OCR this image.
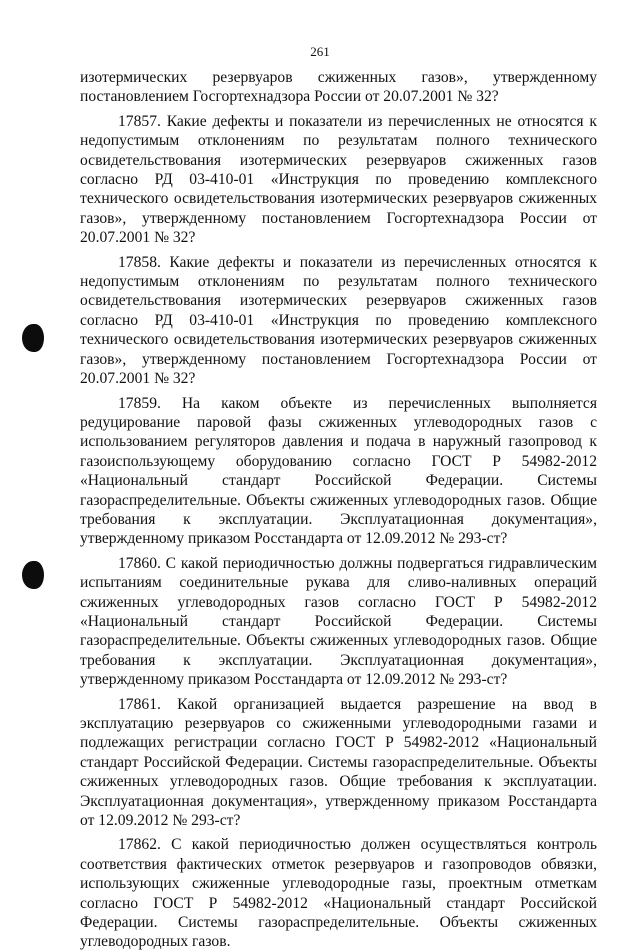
261

изотермических резервуаров сжиженных газов», утвержденному постановлением Госгортехнадзора России от 20.07.2001 № 32?

17857. Какие дефекты и показатели из перечисленных не относятся к недопустимым отклонениям по результатам полного технического освидетельствования изотермических резервуаров сжиженных газов согласно РД 03-410-01 «Инструкция по проведению комплексного технического освидетельствования изотермических резервуаров сжиженных газов», утвержденному постановлением Госгортехнадзора России от 20.07.2001 № 32?

17858. Какие дефекты и показатели из перечисленных относятся к недопустимым отклонениям по результатам полного технического освидетельствования изотермических резервуаров сжиженных газов согласно РД 03-410-01 «Инструкция по проведению комплексного технического освидетельствования изотермических резервуаров сжиженных газов», утвержденному постановлением Госгортехнадзора России от 20.07.2001 № 32?

17859. На каком объекте из перечисленных выполняется редуцирование паровой фазы сжиженных углеводородных газов с использованием регуляторов давления и подача в наружный газопровод к газоиспользующему оборудованию согласно ГОСТ Р 54982-2012 «Национальный стандарт Российской Федерации. Системы газораспределительные. Объекты сжиженных углеводородных газов. Общие требования к эксплуатации. Эксплуатационная документация», утвержденному приказом Росстандарта от 12.09.2012 № 293-ст?

17860. С какой периодичностью должны подвергаться гидравлическим испытаниям соединительные рукава для сливо-наливных операций сжиженных углеводородных газов согласно ГОСТ Р 54982-2012 «Национальный стандарт Российской Федерации. Системы газораспределительные. Объекты сжиженных углеводородных газов. Общие требования к эксплуатации. Эксплуатационная документация», утвержденному приказом Росстандарта от 12.09.2012 № 293-ст?

17861. Какой организацией выдается разрешение на ввод в эксплуатацию резервуаров со сжиженными углеводородными газами и подлежащих регистрации согласно ГОСТ Р 54982-2012 «Национальный стандарт Российской Федерации. Системы газораспределительные. Объекты сжиженных углеводородных газов. Общие требования к эксплуатации. Эксплуатационная документация», утвержденному приказом Росстандарта от 12.09.2012 № 293-ст?

17862. С какой периодичностью должен осуществляться контроль соответствия фактических отметок резервуаров и газопроводов обвязки, использующих сжиженные углеводородные газы, проектным отметкам согласно ГОСТ Р 54982-2012 «Национальный стандарт Российской Федерации. Системы газораспределительные. Объекты сжиженных углеводородных газов.
